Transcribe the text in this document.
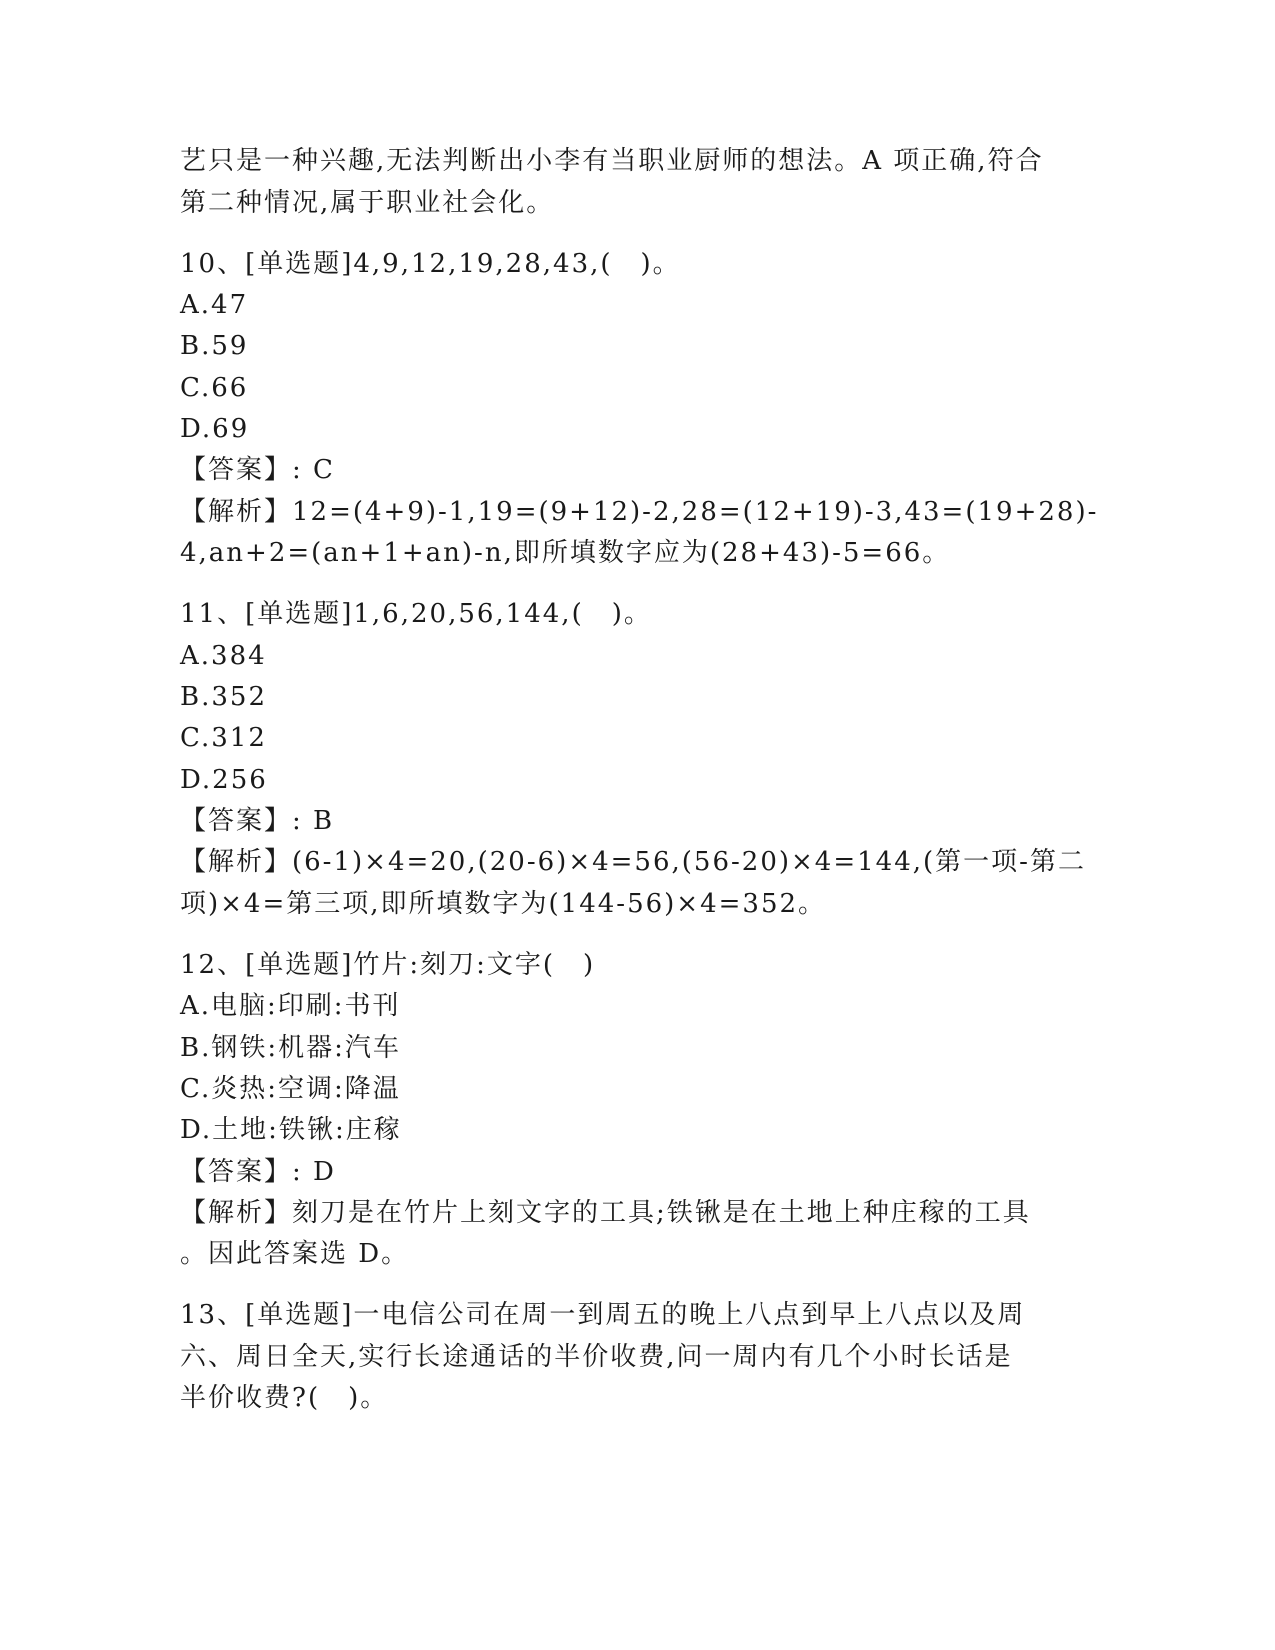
艺只是一种兴趣,无法判断出小李有当职业厨师的想法。A 项正确,符合
第二种情况,属于职业社会化。
10、[单选题]4,9,12,19,28,43,(　)。
A.47
B.59
C.66
D.69
【答案】: C
【解析】12=(4+9)-1,19=(9+12)-2,28=(12+19)-3,43=(19+28)-
4,an+2=(an+1+an)-n,即所填数字应为(28+43)-5=66。
11、[单选题]1,6,20,56,144,(　)。
A.384
B.352
C.312
D.256
【答案】: B
【解析】(6-1)×4=20,(20-6)×4=56,(56-20)×4=144,(第一项-第二
项)×4=第三项,即所填数字为(144-56)×4=352。
12、[单选题]竹片:刻刀:文字(　)
A.电脑:印刷:书刊
B.钢铁:机器:汽车
C.炎热:空调:降温
D.土地:铁锹:庄稼
【答案】: D
【解析】刻刀是在竹片上刻文字的工具;铁锹是在土地上种庄稼的工具
。因此答案选 D。
13、[单选题]一电信公司在周一到周五的晚上八点到早上八点以及周
六、周日全天,实行长途通话的半价收费,问一周内有几个小时长话是
半价收费?(　)。
